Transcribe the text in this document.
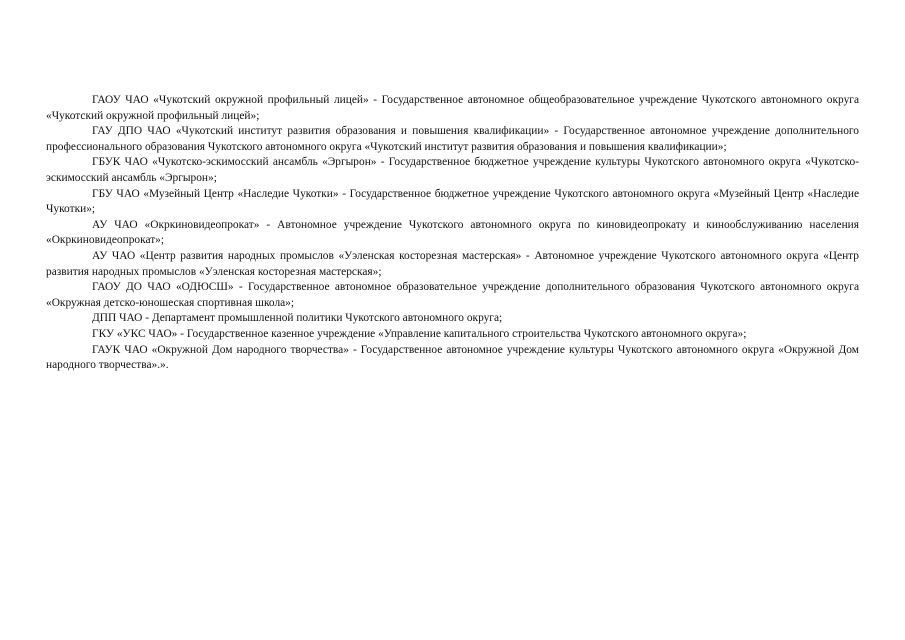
ГАОУ ЧАО «Чукотский окружной профильный лицей» - Государственное автономное общеобразовательное учреждение Чукотского автономного округа «Чукотский окружной профильный лицей»;

ГАУ ДПО ЧАО «Чукотский институт развития образования и повышения квалификации» - Государственное автономное учреждение дополнительного профессионального образования Чукотского автономного округа «Чукотский институт развития образования и повышения квалификации»;

ГБУК ЧАО «Чукотско-эскимосский ансамбль «Эргырон» - Государственное бюджетное учреждение культуры Чукотского автономного округа «Чукотско-эскимосский ансамбль «Эргырон»;

ГБУ ЧАО «Музейный Центр «Наследие Чукотки» - Государственное бюджетное учреждение Чукотского автономного округа «Музейный Центр «Наследие Чукотки»;

АУ ЧАО «Окркиновидеопрокат» - Автономное учреждение Чукотского автономного округа по киновидеопрокату и кинообслуживанию населения «Окркиновидеопрокат»;

АУ ЧАО «Центр развития народных промыслов «Уэленская косторезная мастерская» - Автономное учреждение Чукотского автономного округа «Центр развития народных промыслов «Уэленская косторезная мастерская»;

ГАОУ ДО ЧАО «ОДЮСШ» - Государственное автономное образовательное учреждение дополнительного образования Чукотского автономного округа «Окружная детско-юношеская спортивная школа»;

ДПП ЧАО - Департамент промышленной политики Чукотского автономного округа;

ГКУ «УКС ЧАО» - Государственное казенное учреждение «Управление капитального строительства Чукотского автономного округа»;

ГАУК ЧАО «Окружной Дом народного творчества» - Государственное автономное учреждение культуры Чукотского автономного округа «Окружной Дом народного творчества».».
